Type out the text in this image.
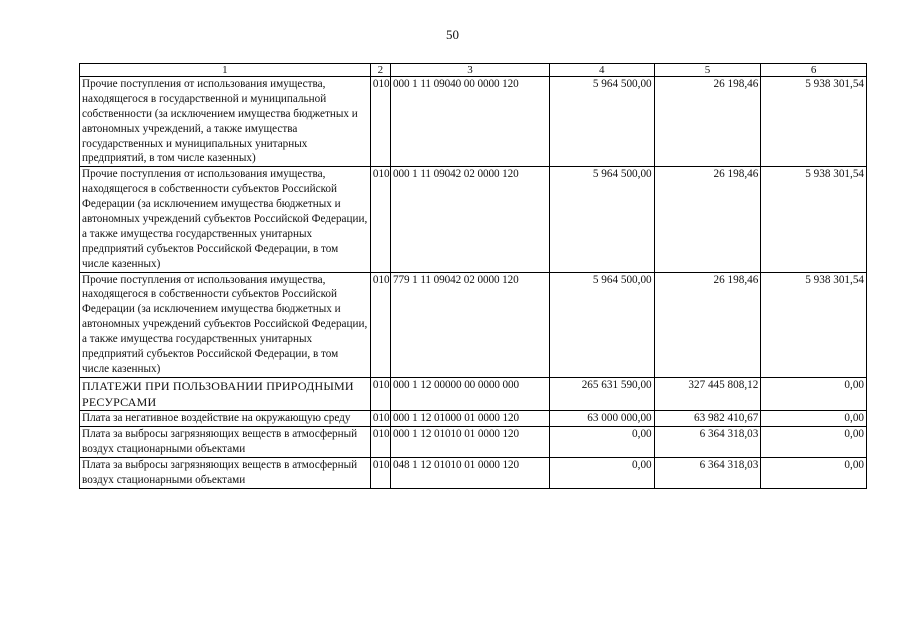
50
1	2	3	4	5	6
Прочие поступления от использования имущества, находящегося в государственной и муниципальной собственности (за исключением имущества бюджетных и автономных учреждений, а также имущества государственных и муниципальных унитарных предприятий, в том числе казенных)	010	000 1 11 09040 00 0000 120	5 964 500,00	26 198,46	5 938 301,54
Прочие поступления от использования имущества, находящегося в собственности субъектов Российской Федерации (за исключением имущества бюджетных и автономных учреждений субъектов Российской Федерации, а также имущества государственных унитарных предприятий субъектов Российской Федерации, в том числе казенных)	010	000 1 11 09042 02 0000 120	5 964 500,00	26 198,46	5 938 301,54
Прочие поступления от использования имущества, находящегося в собственности субъектов Российской Федерации (за исключением имущества бюджетных и автономных учреждений субъектов Российской Федерации, а также имущества государственных унитарных предприятий субъектов Российской Федерации, в том числе казенных)	010	779 1 11 09042 02 0000 120	5 964 500,00	26 198,46	5 938 301,54
ПЛАТЕЖИ ПРИ ПОЛЬЗОВАНИИ ПРИРОДНЫМИ РЕСУРСАМИ	010	000 1 12 00000 00 0000 000	265 631 590,00	327 445 808,12	0,00
Плата за негативное воздействие на окружающую среду	010	000 1 12 01000 01 0000 120	63 000 000,00	63 982 410,67	0,00
Плата за выбросы загрязняющих веществ в атмосферный воздух стационарными объектами	010	000 1 12 01010 01 0000 120	0,00	6 364 318,03	0,00
Плата за выбросы загрязняющих веществ в атмосферный воздух стационарными объектами	010	048 1 12 01010 01 0000 120	0,00	6 364 318,03	0,00
